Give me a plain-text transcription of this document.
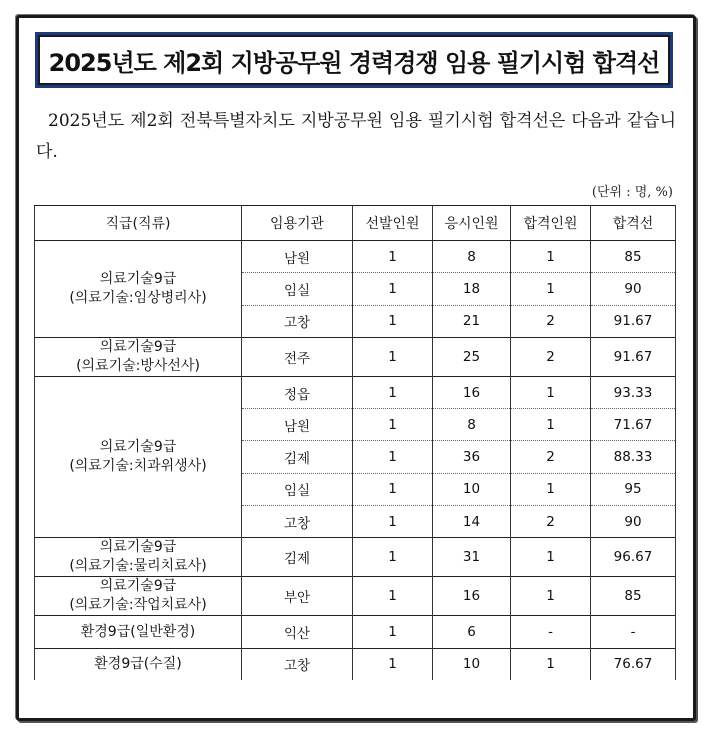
2025년도 제2회 지방공무원 경력경쟁 임용 필기시험 합격선
2025년도 제2회 전북특별자치도 지방공무원 임용 필기시험 합격선은 다음과 같습니다.
(단위 : 명, %)
직급(직류)	임용기관	선발인원	응시인원	합격인원	합격선

의료기술9급
(의료기술:임상병리사)	남원	1	8	1	85
	임실	1	18	1	90
	고창	1	21	2	91.67

의료기술9급
(의료기술:방사선사)	전주	1	25	2	91.67

의료기술9급
(의료기술:치과위생사)	정읍	1	16	1	93.33
	남원	1	8	1	71.67
	김제	1	36	2	88.33
	임실	1	10	1	95
	고창	1	14	2	90

의료기술9급
(의료기술:물리치료사)	김제	1	31	1	96.67

의료기술9급
(의료기술:작업치료사)	부안	1	16	1	85

환경9급(일반환경)	익산	1	6	-	-

환경9급(수질)	고창	1	10	1	76.67
